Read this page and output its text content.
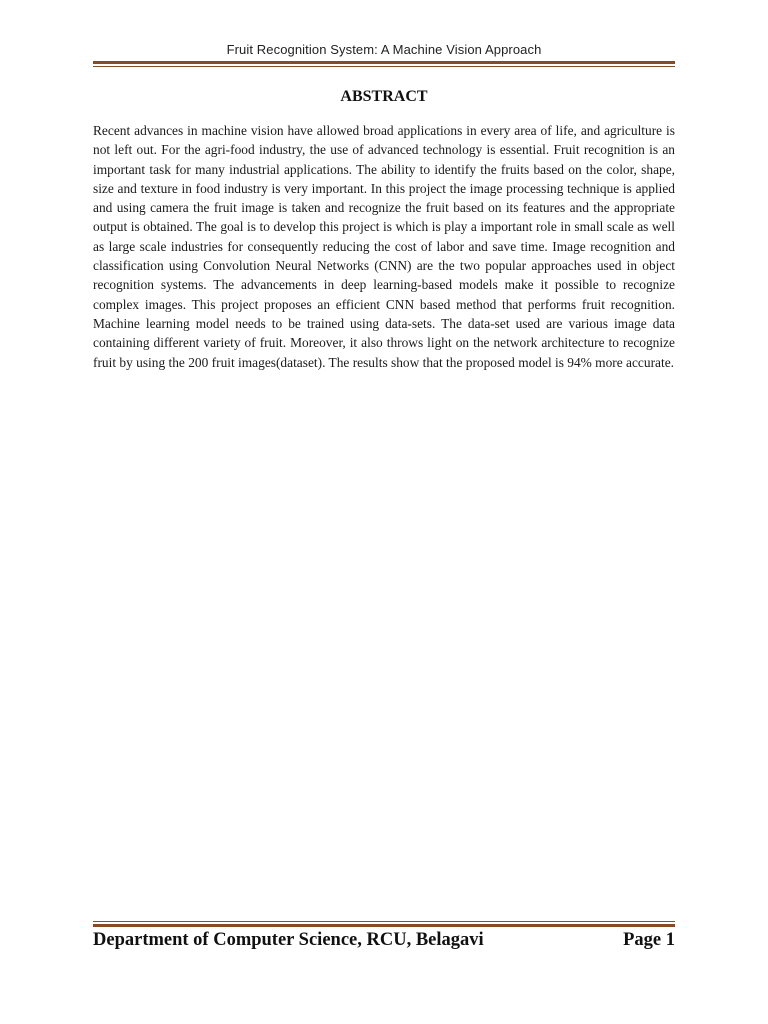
Fruit Recognition System: A Machine Vision Approach
ABSTRACT

Recent advances in machine vision have allowed broad applications in every area of life, and agriculture is not left out. For the agri-food industry, the use of advanced technology is essential. Fruit recognition is an important task for many industrial applications. The ability to identify the fruits based on the color, shape, size and texture in food industry is very important. In this project the image processing technique is applied and using camera the fruit image is taken and recognize the fruit based on its features and the appropriate output is obtained. The goal is to develop this project is which is play a important role in small scale as well as large scale industries for consequently reducing the cost of labor and save time. Image recognition and classification using Convolution Neural Networks (CNN) are the two popular approaches used in object recognition systems. The advancements in deep learning-based models make it possible to recognize complex images. This project proposes an efficient CNN based method that performs fruit recognition. Machine learning model needs to be trained using data-sets. The data-set used are various image data containing different variety of fruit. Moreover, it also throws light on the network architecture to recognize fruit by using the 200 fruit images(dataset). The results show that the proposed model is 94% more accurate.

Department of Computer Science, RCU, Belagavi	Page 1
